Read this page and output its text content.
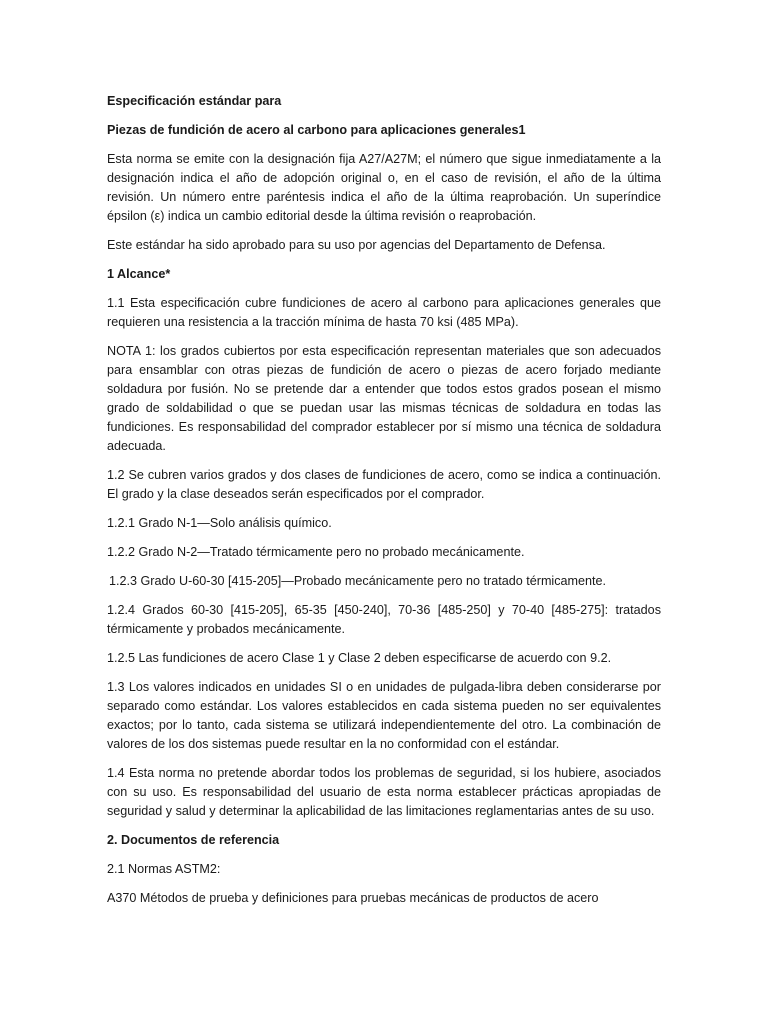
Especificación estándar para

Piezas de fundición de acero al carbono para aplicaciones generales1

Esta norma se emite con la designación fija A27/A27M; el número que sigue inmediatamente a la designación indica el año de adopción original o, en el caso de revisión, el año de la última revisión. Un número entre paréntesis indica el año de la última reaprobación. Un superíndice épsilon (ε) indica un cambio editorial desde la última revisión o reaprobación.

Este estándar ha sido aprobado para su uso por agencias del Departamento de Defensa.

1 Alcance*

1.1 Esta especificación cubre fundiciones de acero al carbono para aplicaciones generales que requieren una resistencia a la tracción mínima de hasta 70 ksi (485 MPa).

NOTA 1: los grados cubiertos por esta especificación representan materiales que son adecuados para ensamblar con otras piezas de fundición de acero o piezas de acero forjado mediante soldadura por fusión. No se pretende dar a entender que todos estos grados posean el mismo grado de soldabilidad o que se puedan usar las mismas técnicas de soldadura en todas las fundiciones. Es responsabilidad del comprador establecer por sí mismo una técnica de soldadura adecuada.

1.2 Se cubren varios grados y dos clases de fundiciones de acero, como se indica a continuación. El grado y la clase deseados serán especificados por el comprador.

1.2.1 Grado N-1—Solo análisis químico.

1.2.2 Grado N-2—Tratado térmicamente pero no probado mecánicamente.

1.2.3 Grado U-60-30 [415-205]—Probado mecánicamente pero no tratado térmicamente.

1.2.4 Grados 60-30 [415-205], 65-35 [450-240], 70-36 [485-250] y 70-40 [485-275]: tratados térmicamente y probados mecánicamente.

1.2.5 Las fundiciones de acero Clase 1 y Clase 2 deben especificarse de acuerdo con 9.2.

1.3 Los valores indicados en unidades SI o en unidades de pulgada-libra deben considerarse por separado como estándar. Los valores establecidos en cada sistema pueden no ser equivalentes exactos; por lo tanto, cada sistema se utilizará independientemente del otro. La combinación de valores de los dos sistemas puede resultar en la no conformidad con el estándar.

1.4 Esta norma no pretende abordar todos los problemas de seguridad, si los hubiere, asociados con su uso. Es responsabilidad del usuario de esta norma establecer prácticas apropiadas de seguridad y salud y determinar la aplicabilidad de las limitaciones reglamentarias antes de su uso.

2. Documentos de referencia

2.1 Normas ASTM2:

A370 Métodos de prueba y definiciones para pruebas mecánicas de productos de acero
